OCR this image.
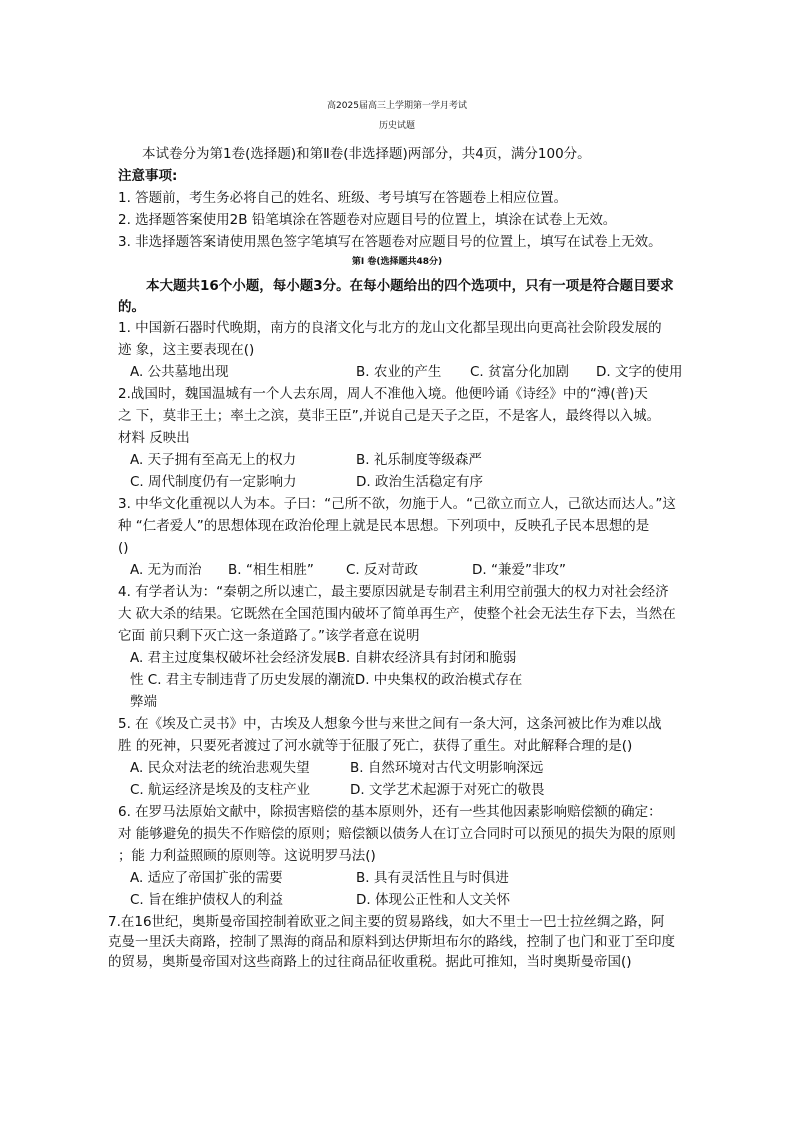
高2025届高三上学期第一学月考试
历史试题
本试卷分为第1卷(选择题)和第Ⅱ卷(非选择题)两部分，共4页，满分100分。
注意事项:
1. 答题前，考生务必将自己的姓名、班级、考号填写在答题卷上相应位置。
2. 选择题答案使用2B 铅笔填涂在答题卷对应题目号的位置上，填涂在试卷上无效。
3. 非选择题答案请使用黑色签字笔填写在答题卷对应题目号的位置上，填写在试卷上无效。
第Ⅰ 卷(选择题共48分)
本大题共16个小题，每小题3分。在每小题给出的四个选项中，只有一项是符合题目要求
的。
1. 中国新石器时代晚期，南方的良渚文化与北方的龙山文化都呈现出向更高社会阶段发展的
迹 象，这主要表现在()
A. 公共墓地出现	B. 农业的产生 C. 贫富分化加剧 D. 文字的使用
2.战国时，魏国温城有一个人去东周，周人不准他入境。他便吟诵《诗经》中的“溥(普)天
之 下，莫非王土；率土之滨，莫非王臣”,并说自己是天子之臣，不是客人，最终得以入城。
材料 反映出
A. 天子拥有至高无上的权力	B. 礼乐制度等级森严
C. 周代制度仍有一定影响力	D. 政治生活稳定有序
3. 中华文化重视以人为本。子曰：“己所不欲，勿施于人。“己欲立而立人，己欲达而达人。”这
种 “仁者爱人”的思想体现在政治伦理上就是民本思想。下列项中，反映孔子民本思想的是
()
A. 无为而治 B. “相生相胜” C. 反对苛政	D. “兼爱”非攻”
4. 有学者认为：“秦朝之所以速亡，最主要原因就是专制君主利用空前强大的权力对社会经济
大 砍大杀的结果。它既然在全国范围内破坏了简单再生产，使整个社会无法生存下去，当然在
它面 前只剩下灭亡这一条道路了。”该学者意在说明
A. 君主过度集权破坏社会经济发展B. 自耕农经济具有封闭和脆弱
性 C. 君主专制违背了历史发展的潮流D. 中央集权的政治模式存在
弊端
5. 在《埃及亡灵书》中，古埃及人想象今世与来世之间有一条大河，这条河被比作为难以战
胜 的死神，只要死者渡过了河水就等于征服了死亡，获得了重生。对此解释合理的是()
A. 民众对法老的统治悲观失望	B. 自然环境对古代文明影响深远
C. 航运经济是埃及的支柱产业	D. 文学艺术起源于对死亡的敬畏
6. 在罗马法原始文献中，除损害赔偿的基本原则外，还有一些其他因素影响赔偿额的确定：
对 能够避免的损失不作赔偿的原则；赔偿额以债务人在订立合同时可以预见的损失为限的原则
；能 力利益照顾的原则等。这说明罗马法()
A. 适应了帝国扩张的需要	B. 具有灵活性且与时俱进
C. 旨在维护债权人的利益	D. 体现公正性和人文关怀
7.在16世纪，奥斯曼帝国控制着欧亚之间主要的贸易路线，如大不里士一巴士拉丝绸之路，阿
克曼一里沃夫商路，控制了黑海的商品和原料到达伊斯坦布尔的路线，控制了也门和亚丁至印度
的贸易，奥斯曼帝国对这些商路上的过往商品征收重税。据此可推知，当时奥斯曼帝国()
